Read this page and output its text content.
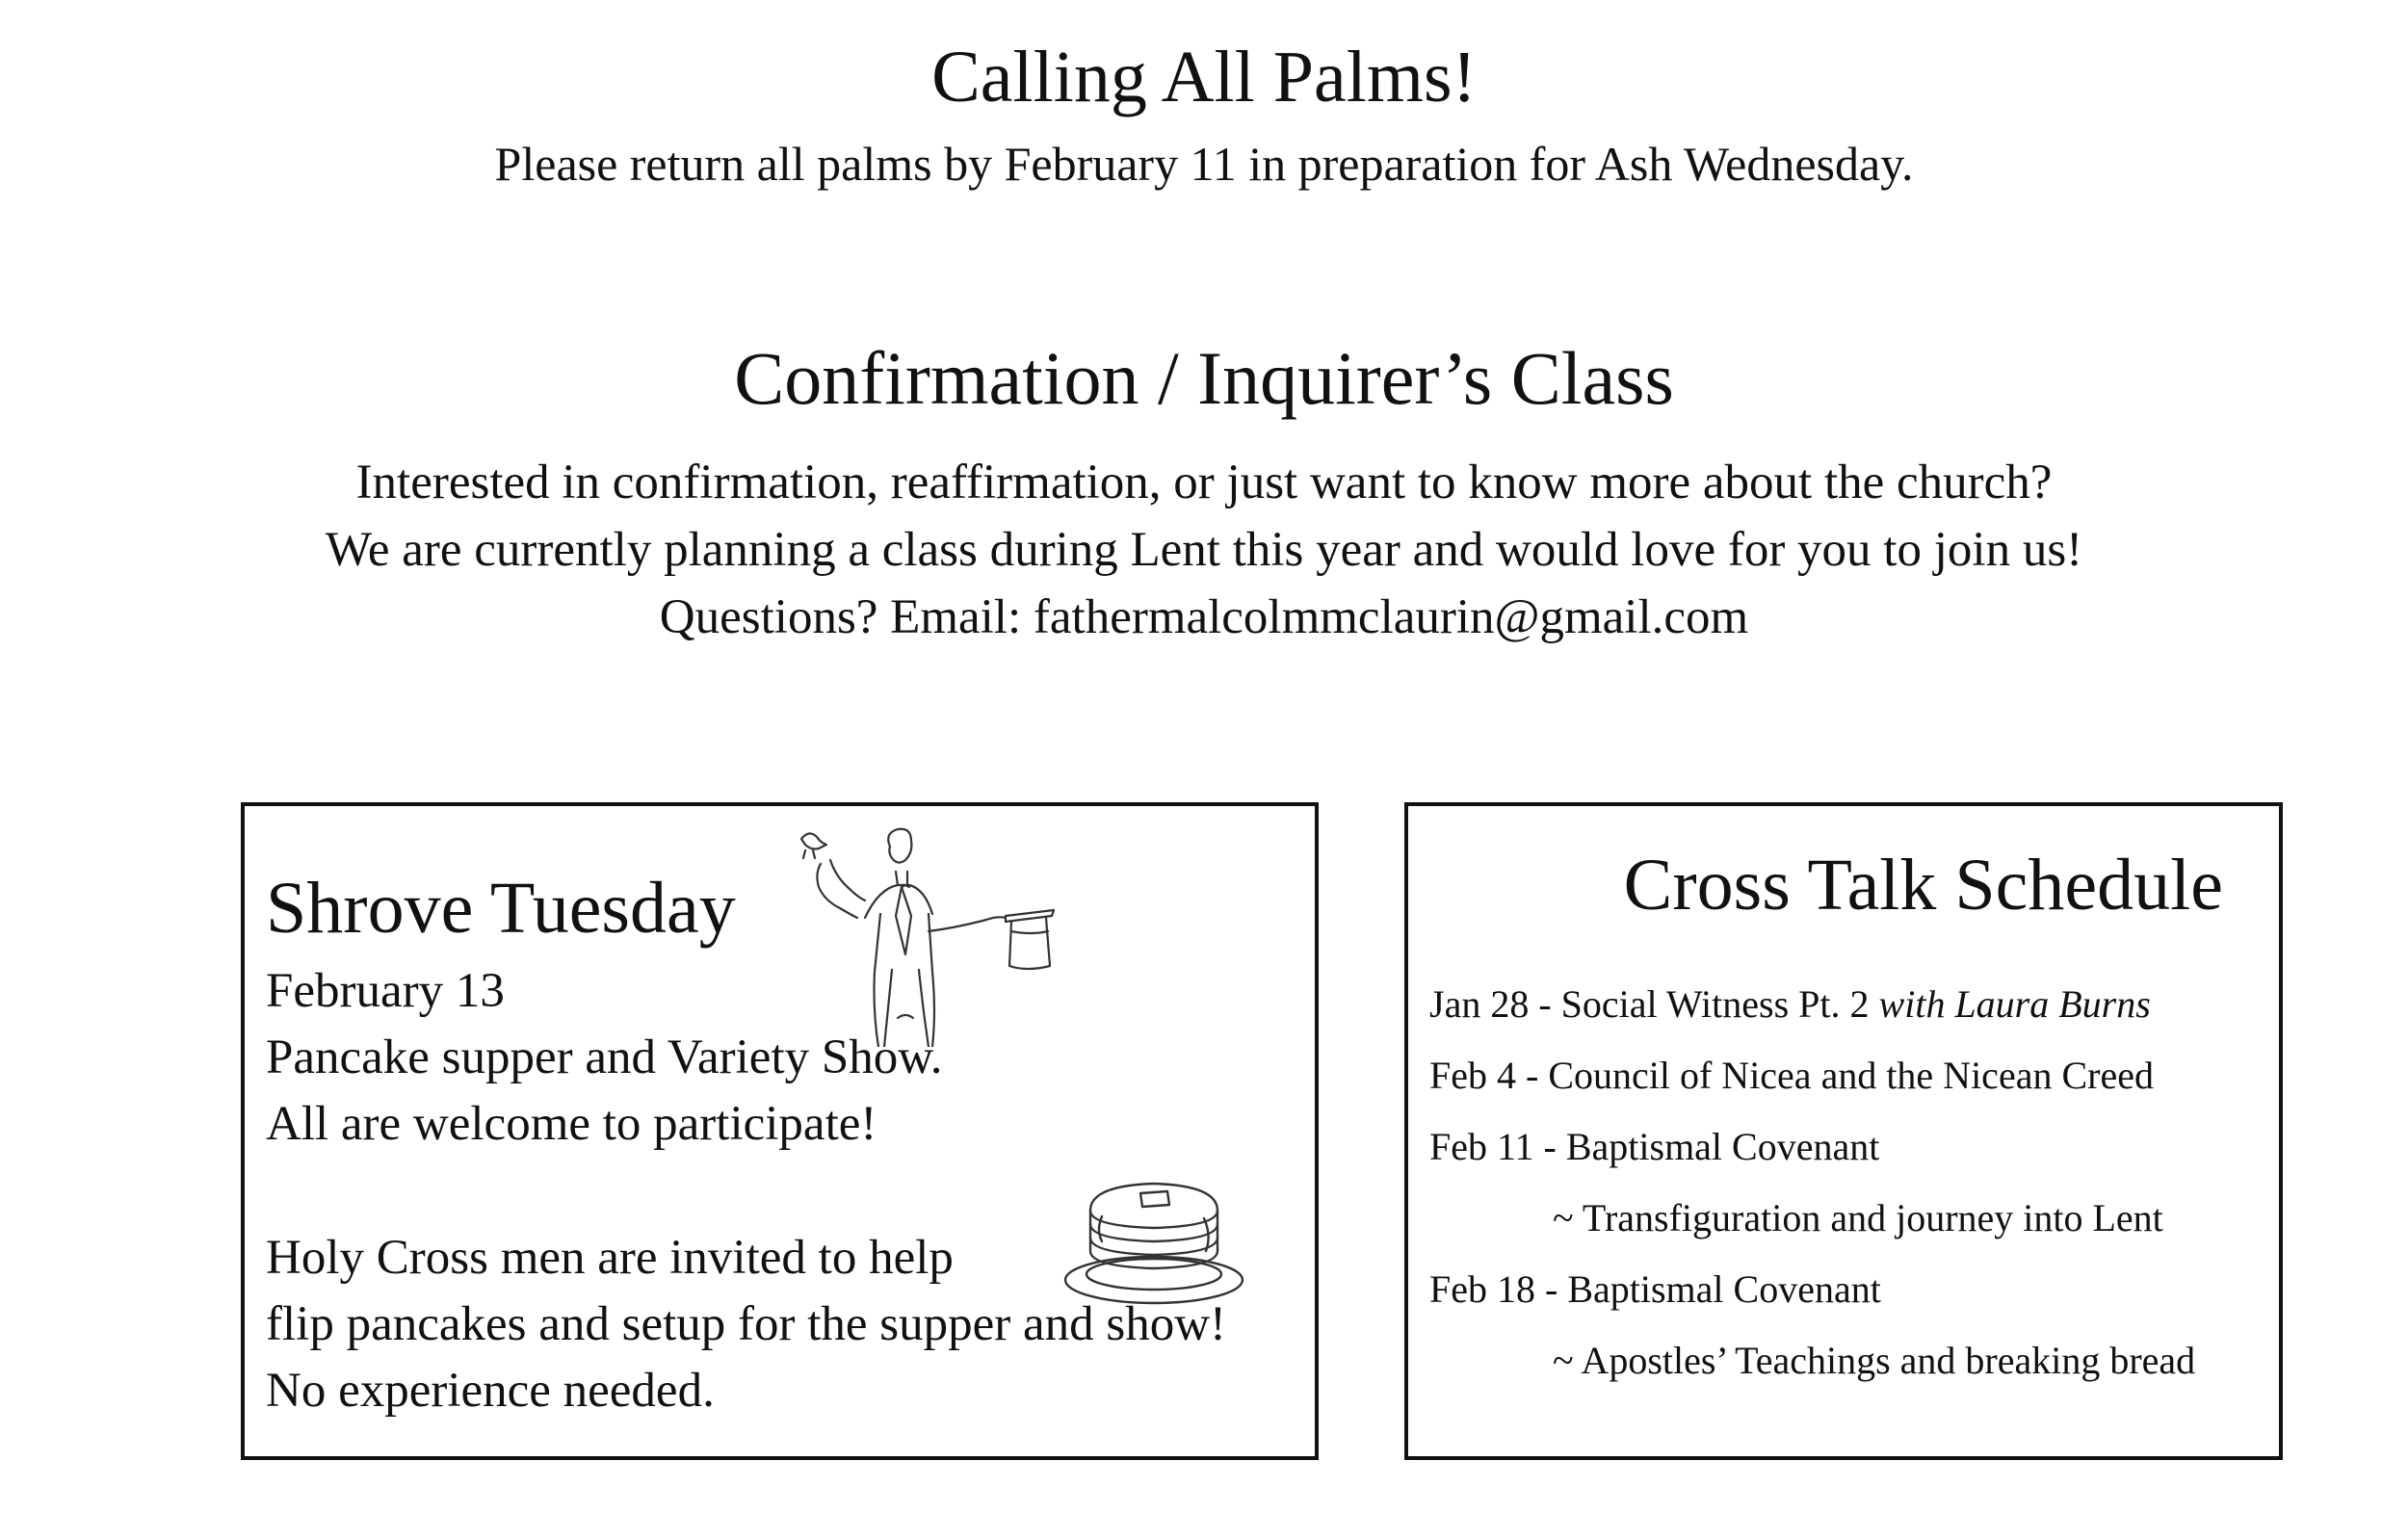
Calling All Palms!
Please return all palms by February 11 in preparation for Ash Wednesday.
Confirmation / Inquirer’s Class
Interested in confirmation, reaffirmation, or just want to know more about the church?
We are currently planning a class during Lent this year and would love for you to join us!
Questions? Email: fathermalcolmmclaurin@gmail.com
Shrove Tuesday
February 13
Pancake supper and Variety Show.
All are welcome to participate!
Holy Cross men are invited to help
flip pancakes and setup for the supper and show!
No experience needed.
Cross Talk Schedule
Jan 28 - Social Witness Pt. 2 with Laura Burns
Feb 4 - Council of Nicea and the Nicean Creed
Feb 11 - Baptismal Covenant
~ Transfiguration and journey into Lent
Feb 18 - Baptismal Covenant
~ Apostles’ Teachings and breaking bread
